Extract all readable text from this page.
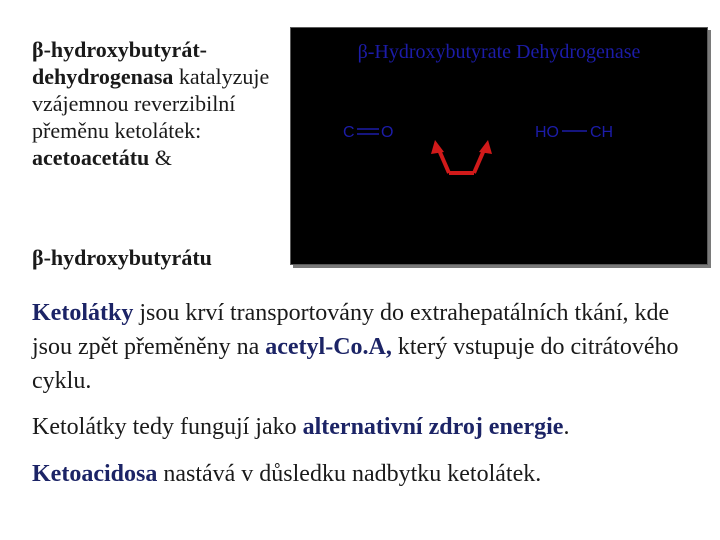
β-hydroxybutyrát-dehydrogenasa katalyzuje vzájemnou reverzibilní přeměnu ketolátek: acetoacetátu &
β-hydroxybutyrátu
β-Hydroxybutyrate Dehydrogenase
C O	HO CH
Ketolátky jsou krví transportovány do extrahepatálních tkání, kde jsou zpět přeměněny na acetyl-Co.A, který vstupuje do citrátového cyklu.
Ketolátky tedy fungují jako alternativní zdroj energie.
Ketoacidosa nastává v důsledku nadbytku ketolátek.
